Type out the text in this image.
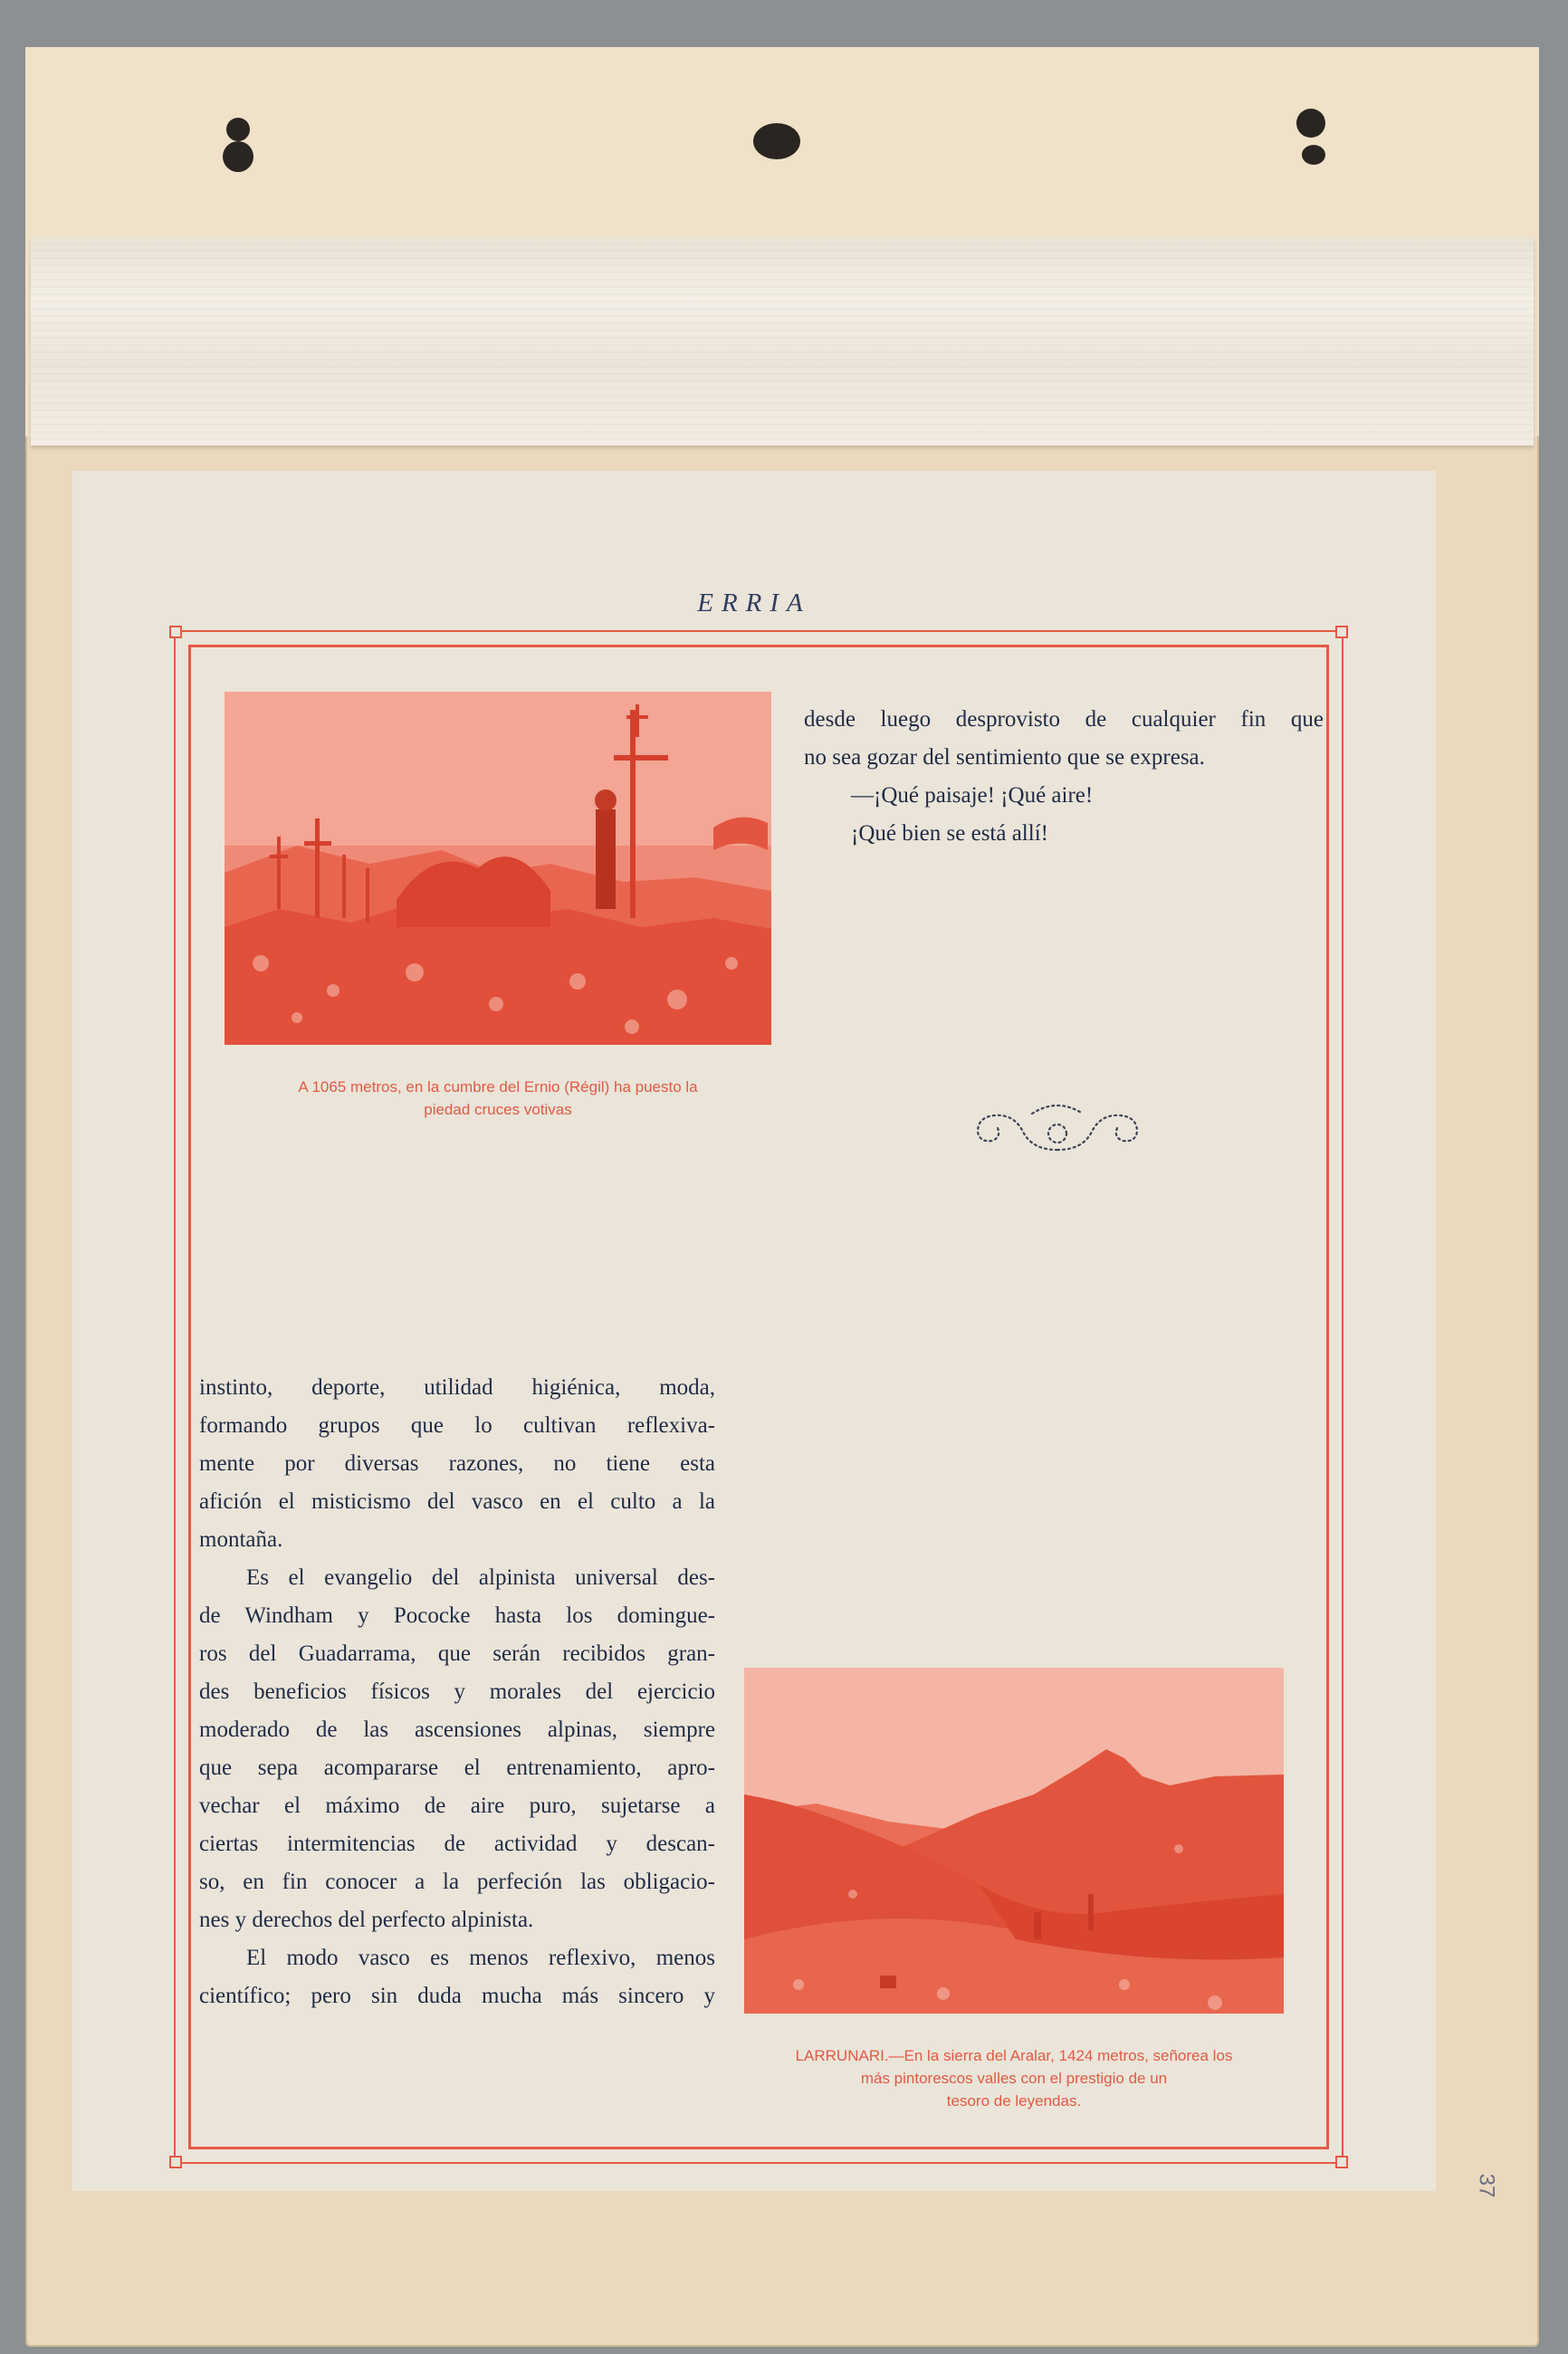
37
ERRIA
A 1065 metros, en la cumbre del Ernio (Régil) ha puesto la
piedad cruces votivas

desde luego desprovisto de cualquier fin que

no sea gozar del sentimiento que se expresa.

—¡Qué paisaje! ¡Qué aire!

¡Qué bien se está allí!

instinto, deporte, utilidad higiénica, moda,

formando grupos que lo cultivan reflexiva-

mente por diversas razones, no tiene esta

afición el misticismo del vasco en el culto a la

montaña.

Es el evangelio del alpinista universal des-

de Windham y Pococke hasta los domingue-

ros del Guadarrama, que serán recibidos gran-

des beneficios físicos y morales del ejercicio

moderado de las ascensiones alpinas, siempre

que sepa acompararse el entrenamiento, apro-

vechar el máximo de aire puro, sujetarse a

ciertas intermitencias de actividad y descan-

so, en fin conocer a la perfeción las obligacio-

nes y derechos del perfecto alpinista.

El modo vasco es menos reflexivo, menos

científico; pero sin duda mucha más sincero y

LARRUNARI.—En la sierra del Aralar, 1424 metros, señorea los
más pintorescos valles con el prestigio de un
tesoro de leyendas.
